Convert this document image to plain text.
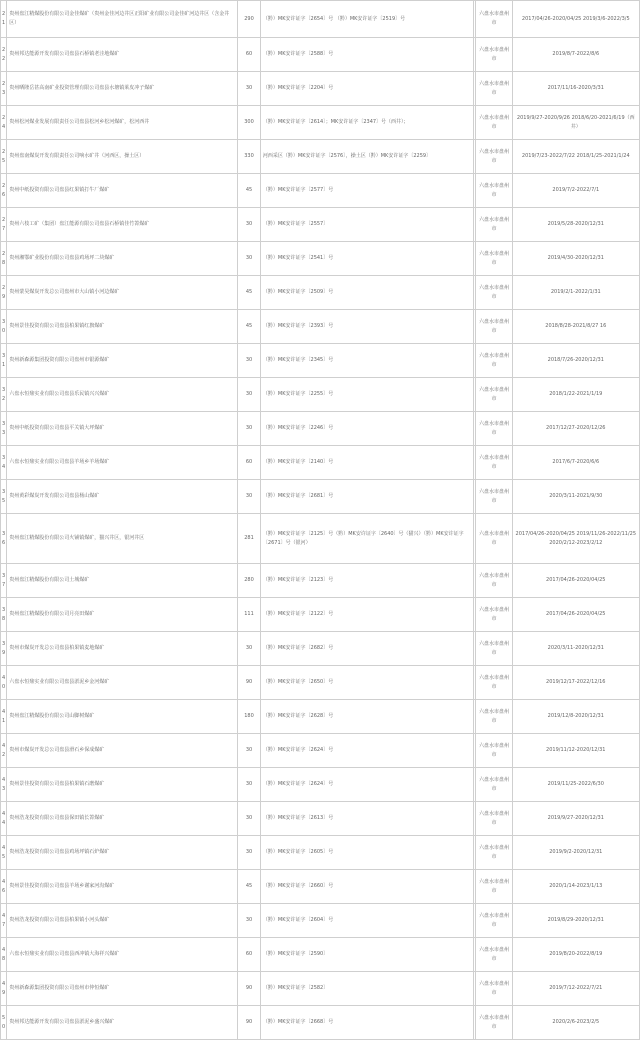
21	贵州盘江精煤股份有限公司金佳煤矿（贵州金佳河边井区正阳矿业有限公司金佳矿河边井区（含金井区）	290	（黔）MK安许证字〔2654〕号 （黔）MK安许证字〔2519〕号		六盘水市盘州市	2017/04/26-2020/04/25 2019/3/6-2022/3/5
22	贵州邦达能源开发有限公司盘县石桥镇老洼地煤矿	60	（黔）MK安许证字〔2588〕号		六盘水市盘州市	2019/8/7-2022/8/6
23	贵州晒隆岳甚高南矿业投资管理有限公司盘县水塘镇莱皮冲子煤矿	30	（黔）MK安许证字〔2204〕号		六盘水市盘州市	2017/11/16-2020/3/31
24	贵州松河煤业发展有限责任公司盘县松河乡松河煤矿，松河西井	300	（黔）MK安许证字〔2614〕；MK安许证字〔2347〕号（西井）；		六盘水市盘州市	2019/9/27-2020/9/26 2018/6/20-2021/6/19（西井）
25	贵州盘南煤炭开发有限责任公司响水矿井（河西区，操土区）	330	河西采区（黔）MK安许证字〔2576〕，操土区（黔）MK安许证字〔2259〕		六盘水市盘州市	2019/7/23-2022/7/22 2018/1/25-2021/1/24
26	贵州中纸投资有限公司盘县红果镇打牛厂煤矿	45	（黔）MK安许证字〔2577〕号		六盘水市盘州市	2019/7/2-2022/7/1
27	贵州六枝工矿（集团）盘江能源有限公司盘县石桥镇佳竹箐煤矿	30	（黔）MK安许证字〔2557〕		六盘水市盘州市	2019/5/28-2020/12/31
28	贵州湘鄂矿业股份有限公司盘县鸡场坪二块煤矿	30	（黔）MK安许证字〔2541〕号		六盘水市盘州市	2019/4/30-2020/12/31
29	贵州蒙昊煤炭开发总公司盘州市大山镇小河边煤矿	45	（黔）MK安许证字〔2509〕号		六盘水市盘州市	2019/2/1-2022/1/31
30	贵州景佳投资有限公司盘县柏果镇红旗煤矿	45	（黔）MK安许证字〔2393〕号		六盘水市盘州市	2018/8/28-2021/8/27 16
31	贵州新森源集团投资有限公司盘州市银源煤矿	30	（黔）MK安许证字〔2345〕号		六盘水市盘州市	2018/7/26-2020/12/31
32	六盘水恒鼎实业有限公司盘县乐民镇兴兴煤矿	30	（黔）MK安许证字〔2255〕号		六盘水市盘州市	2018/1/22-2021/1/19
33	贵州中纸投资有限公司盘县平关镇大坪煤矿	30	（黔）MK安许证字〔2246〕号		六盘水市盘州市	2017/12/27-2020/12/26
34	六盘水恒鼎实业有限公司盘县羊场乡羊场煤矿	60	（黔）MK安许证字〔2140〕号		六盘水市盘州市	2017/6/7-2020/6/6
35	贵州黄彩煤炭开发有限公司盘县杨山煤矿	30	（黔）MK安许证字〔2681〕号		六盘水市盘州市	2020/3/11-2021/9/30
36	贵州盘江精煤股份有限公司火铺镇煤矿，猫兴井区，银河井区	281	（黔）MK安许证字〔2125〕号（黔）MK安许证字〔2640〕号（猫兴）（黔）MK安许证字〔2671〕号（银河）		六盘水市盘州市	2017/04/26-2020/04/25 2019/11/26-2022/11/25 2020/2/12-2023/2/12
37	贵州盘江精煤股份有限公司土城煤矿	280	（黔）MK安许证字〔2123〕号		六盘水市盘州市	2017/04/26-2020/04/25
38	贵州盘江精煤股份有限公司月亮田煤矿	111	（黔）MK安许证字〔2122〕号		六盘水市盘州市	2017/04/26-2020/04/25
39	贵州市煤炭开发总公司盘县柏果镇麦地煤矿	30	（黔）MK安许证字〔2682〕号		六盘水市盘州市	2020/3/11-2020/12/31
40	六盘水恒鼎实业有限公司盘县淤泥乡金河煤矿	90	（黔）MK安许证字〔2650〕号		六盘水市盘州市	2019/12/17-2022/12/16
41	贵州盘江精煤股份有限公司山脚树煤矿	180	（黔）MK安许证字〔2628〕号		六盘水市盘州市	2019/12/8-2020/12/31
42	贵州市煤炭开发总公司盘县滑石乡保成煤矿	30	（黔）MK安许证字〔2624〕号		六盘水市盘州市	2019/11/12-2020/12/31
43	贵州景佳投资有限公司盘县柏果镇石磨煤矿	30	（黔）MK安许证字〔2624〕号		六盘水市盘州市	2019/11/25-2022/6/30
44	贵州浩龙投资有限公司盘县保田镇长箐煤矿	30	（黔）MK安许证字〔2613〕号		六盘水市盘州市	2019/9/27-2020/12/31
45	贵州浩龙投资有限公司盘县鸡场坪镇石炉煤矿	30	（黔）MK安许证字〔2605〕号		六盘水市盘州市	2019/9/2-2020/12/31
46	贵州景佳投资有限公司盘县羊场乡谢家河沟煤矿	45	（黔）MK安许证字〔2660〕号		六盘水市盘州市	2020/1/14-2023/1/13
47	贵州浩龙投资有限公司盘县柏果镇小河头煤矿	30	（黔）MK安许证字〔2604〕号		六盘水市盘州市	2019/8/29-2020/12/31
48	六盘水恒鼎实业有限公司盘县西冲镇大海祥兴煤矿	60	（黔）MK安许证字〔2590〕		六盘水市盘州市	2019/8/20-2022/8/19
49	贵州新森源集团投资有限公司盘州市仲恒煤矿	90	（黔）MK安许证字〔2582〕		六盘水市盘州市	2019/7/12-2022/7/21
50	贵州邦达能源开发有限公司盘县淤泥乡盛兴煤矿	90	（黔）MK安许证字〔2668〕号		六盘水市盘州市	2020/2/6-2023/2/5
